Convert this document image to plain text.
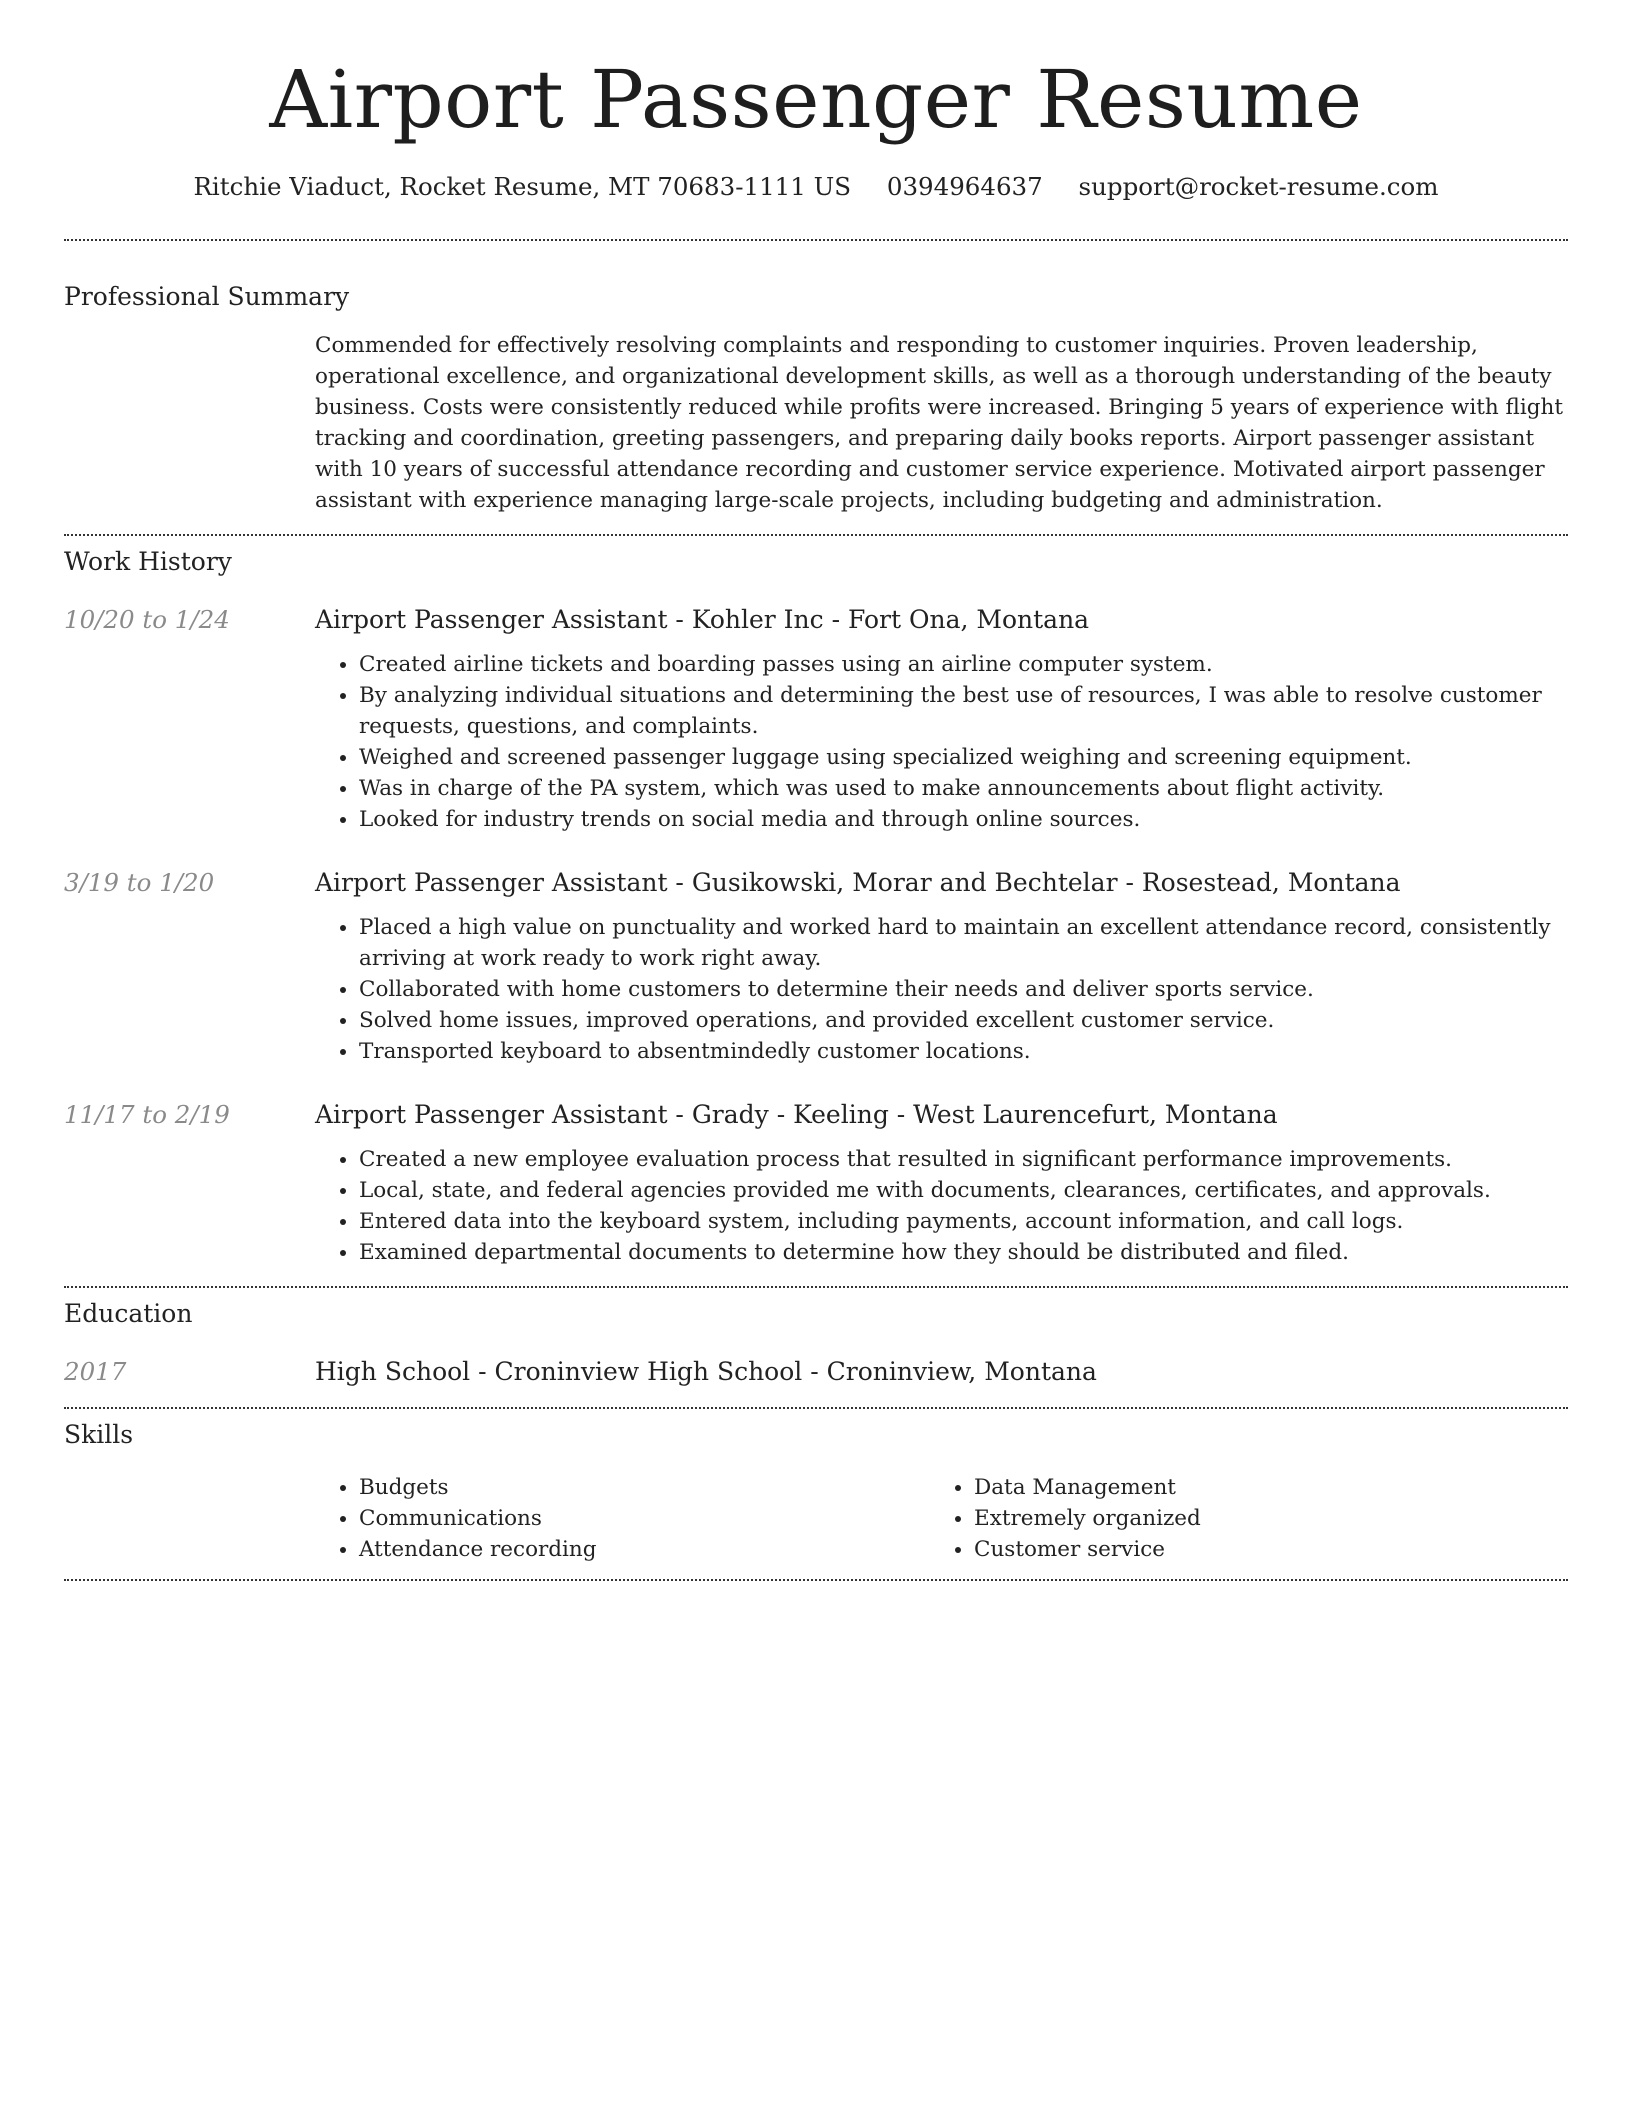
Airport Passenger Resume
Ritchie Viaduct, Rocket Resume, MT 70683-1111 US 0394964637 support@rocket-resume.com
Professional Summary
Commended for effectively resolving complaints and responding to customer inquiries. Proven leadership, operational excellence, and organizational development skills, as well as a thorough understanding of the beauty business. Costs were consistently reduced while profits were increased. Bringing 5 years of experience with flight tracking and coordination, greeting passengers, and preparing daily books reports. Airport passenger assistant with 10 years of successful attendance recording and customer service experience. Motivated airport passenger assistant with experience managing large-scale projects, including budgeting and administration.
Work History
10/20 to 1/24	Airport Passenger Assistant - Kohler Inc - Fort Ona, Montana
• Created airline tickets and boarding passes using an airline computer system.
• By analyzing individual situations and determining the best use of resources, I was able to resolve customer requests, questions, and complaints.
• Weighed and screened passenger luggage using specialized weighing and screening equipment.
• Was in charge of the PA system, which was used to make announcements about flight activity.
• Looked for industry trends on social media and through online sources.
3/19 to 1/20	Airport Passenger Assistant - Gusikowski, Morar and Bechtelar - Rosestead, Montana
• Placed a high value on punctuality and worked hard to maintain an excellent attendance record, consistently arriving at work ready to work right away.
• Collaborated with home customers to determine their needs and deliver sports service.
• Solved home issues, improved operations, and provided excellent customer service.
• Transported keyboard to absentmindedly customer locations.
11/17 to 2/19	Airport Passenger Assistant - Grady - Keeling - West Laurencefurt, Montana
• Created a new employee evaluation process that resulted in significant performance improvements.
• Local, state, and federal agencies provided me with documents, clearances, certificates, and approvals.
• Entered data into the keyboard system, including payments, account information, and call logs.
• Examined departmental documents to determine how they should be distributed and filed.
Education
2017	High School - Croninview High School - Croninview, Montana
Skills
• Budgets
• Communications
• Attendance recording
• Data Management
• Extremely organized
• Customer service
